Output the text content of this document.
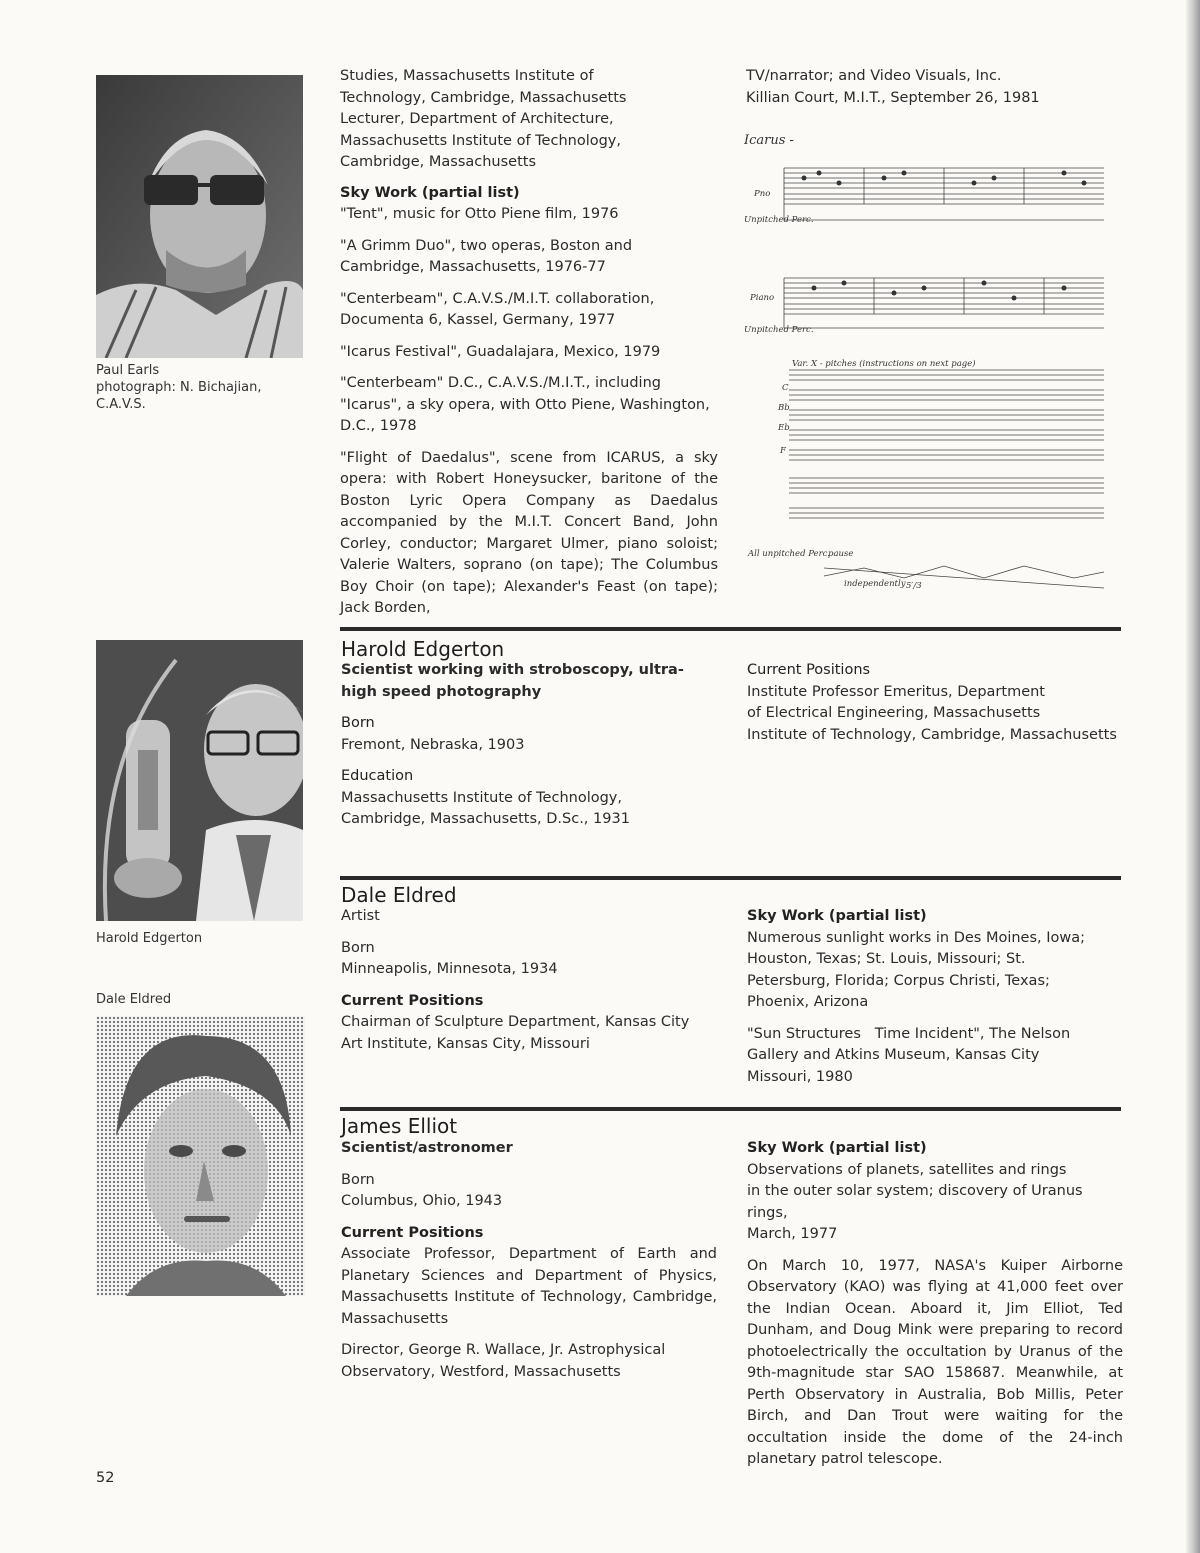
Paul Earls
photograph: N. Bichajian,
C.A.V.S.

Studies, Massachusetts Institute of
Technology, Cambridge, Massachusetts
Lecturer, Department of Architecture,
Massachusetts Institute of Technology,
Cambridge, Massachusetts

Sky Work (partial list)

"Tent", music for Otto Piene film, 1976

"A Grimm Duo", two operas, Boston and Cambridge, Massachusetts, 1976-77

"Centerbeam", C.A.V.S./M.I.T. collaboration, Documenta 6, Kassel, Germany, 1977

"Icarus Festival", Guadalajara, Mexico, 1979

"Centerbeam" D.C., C.A.V.S./M.I.T., including "Icarus", a sky opera, with Otto Piene, Washington, D.C., 1978

"Flight of Daedalus", scene from ICARUS, a sky opera: with Robert Honeysucker, baritone of the Boston Lyric Opera Company as Daedalus accompanied by the M.I.T. Concert Band, John Corley, conductor; Margaret Ulmer, piano soloist; Valerie Walters, soprano (on tape); The Columbus Boy Choir (on tape); Alexander's Feast (on tape); Jack Borden,

TV/narrator; and Video Visuals, Inc.
Killian Court, M.I.T., September 26, 1981
Icarus -
Pno
Unpitched Perc.
Piano
Unpitched Perc.
C
Bb
Eb
F
All unpitched Perc.
pause
independently 5′/3
Var. X - pitches (instructions on next page)
Harold Edgerton
Harold Edgerton
Scientist working with stroboscopy, ultra-
high speed photography
Born

Fremont, Nebraska, 1903

Education
Massachusetts Institute of Technology,
Cambridge, Massachusetts, D.Sc., 1931
Current Positions
Institute Professor Emeritus, Department
of Electrical Engineering, Massachusetts
Institute of Technology, Cambridge, Massachusetts
Dale Eldred
Dale Eldred

Artist

Born

Minneapolis, Minnesota, 1934

Current Positions
Chairman of Sculpture Department, Kansas City
Art Institute, Kansas City, Missouri
Sky Work (partial list)
Numerous sunlight works in Des Moines, Iowa;
Houston, Texas; St. Louis, Missouri; St.
Petersburg, Florida; Corpus Christi, Texas;

Phoenix, Arizona

"Sun Structures   Time Incident", The Nelson
Gallery and Atkins Museum, Kansas City
Missouri, 1980
James Elliot
Scientist/astronomer
Born

Columbus, Ohio, 1943

Current Positions

Associate Professor, Department of Earth and Planetary Sciences and Department of Physics, Massachusetts Institute of Technology, Cambridge, Massachusetts

Director, George R. Wallace, Jr. Astrophysical Observatory, Westford, Massachusetts

Sky Work (partial list)
Observations of planets, satellites and rings
in the outer solar system; discovery of Uranus rings,

March, 1977

On March 10, 1977, NASA's Kuiper Airborne Observatory (KAO) was flying at 41,000 feet over the Indian Ocean. Aboard it, Jim Elliot, Ted Dunham, and Doug Mink were preparing to record photoelectrically the occultation by Uranus of the 9th-magnitude star SAO 158687. Meanwhile, at Perth Observatory in Australia, Bob Millis, Peter Birch, and Dan Trout were waiting for the occultation inside the dome of the 24-inch planetary patrol telescope.

52
